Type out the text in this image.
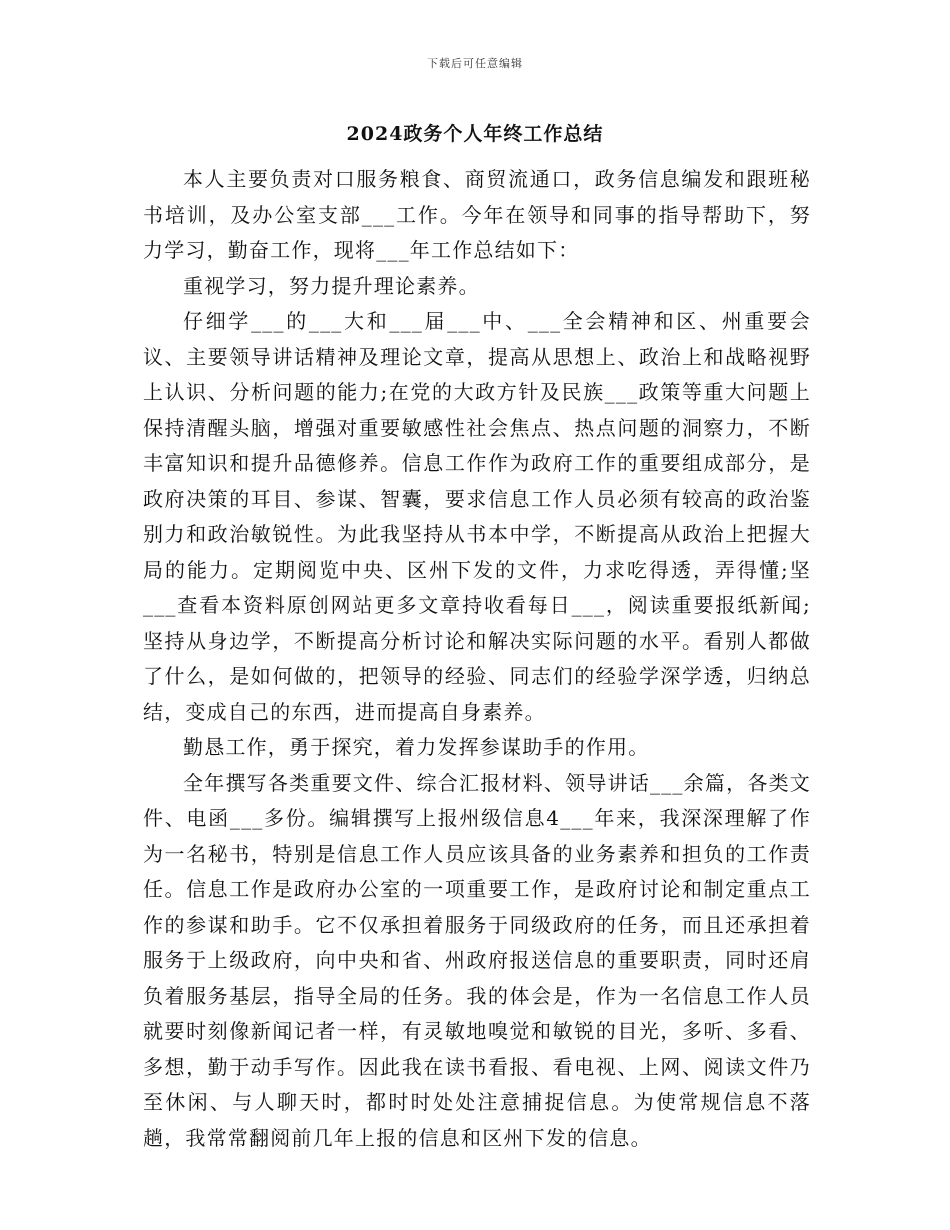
下载后可任意编辑
2024政务个人年终工作总结

本人主要负责对口服务粮食、商贸流通口，政务信息编发和跟班秘书培训，及办公室支部___工作。今年在领导和同事的指导帮助下，努力学习，勤奋工作，现将___年工作总结如下：

重视学习，努力提升理论素养。

仔细学___的___大和___届___中、___全会精神和区、州重要会议、主要领导讲话精神及理论文章，提高从思想上、政治上和战略视野上认识、分析问题的能力;在党的大政方针及民族___政策等重大问题上保持清醒头脑，增强对重要敏感性社会焦点、热点问题的洞察力，不断丰富知识和提升品德修养。信息工作作为政府工作的重要组成部分，是政府决策的耳目、参谋、智囊，要求信息工作人员必须有较高的政治鉴别力和政治敏锐性。为此我坚持从书本中学，不断提高从政治上把握大局的能力。定期阅览中央、区州下发的文件，力求吃得透，弄得懂;坚___查看本资料原创网站更多文章持收看每日___，阅读重要报纸新闻;坚持从身边学，不断提高分析讨论和解决实际问题的水平。看别人都做了什么，是如何做的，把领导的经验、同志们的经验学深学透，归纳总结，变成自己的东西，进而提高自身素养。

勤恳工作，勇于探究，着力发挥参谋助手的作用。

全年撰写各类重要文件、综合汇报材料、领导讲话___余篇，各类文件、电函___多份。编辑撰写上报州级信息4___年来，我深深理解了作为一名秘书，特别是信息工作人员应该具备的业务素养和担负的工作责任。信息工作是政府办公室的一项重要工作，是政府讨论和制定重点工作的参谋和助手。它不仅承担着服务于同级政府的任务，而且还承担着服务于上级政府，向中央和省、州政府报送信息的重要职责，同时还肩负着服务基层，指导全局的任务。我的体会是，作为一名信息工作人员就要时刻像新闻记者一样，有灵敏地嗅觉和敏锐的目光，多听、多看、多想，勤于动手写作。因此我在读书看报、看电视、上网、阅读文件乃至休闲、与人聊天时，都时时处处注意捕捉信息。为使常规信息不落趟，我常常翻阅前几年上报的信息和区州下发的信息。
